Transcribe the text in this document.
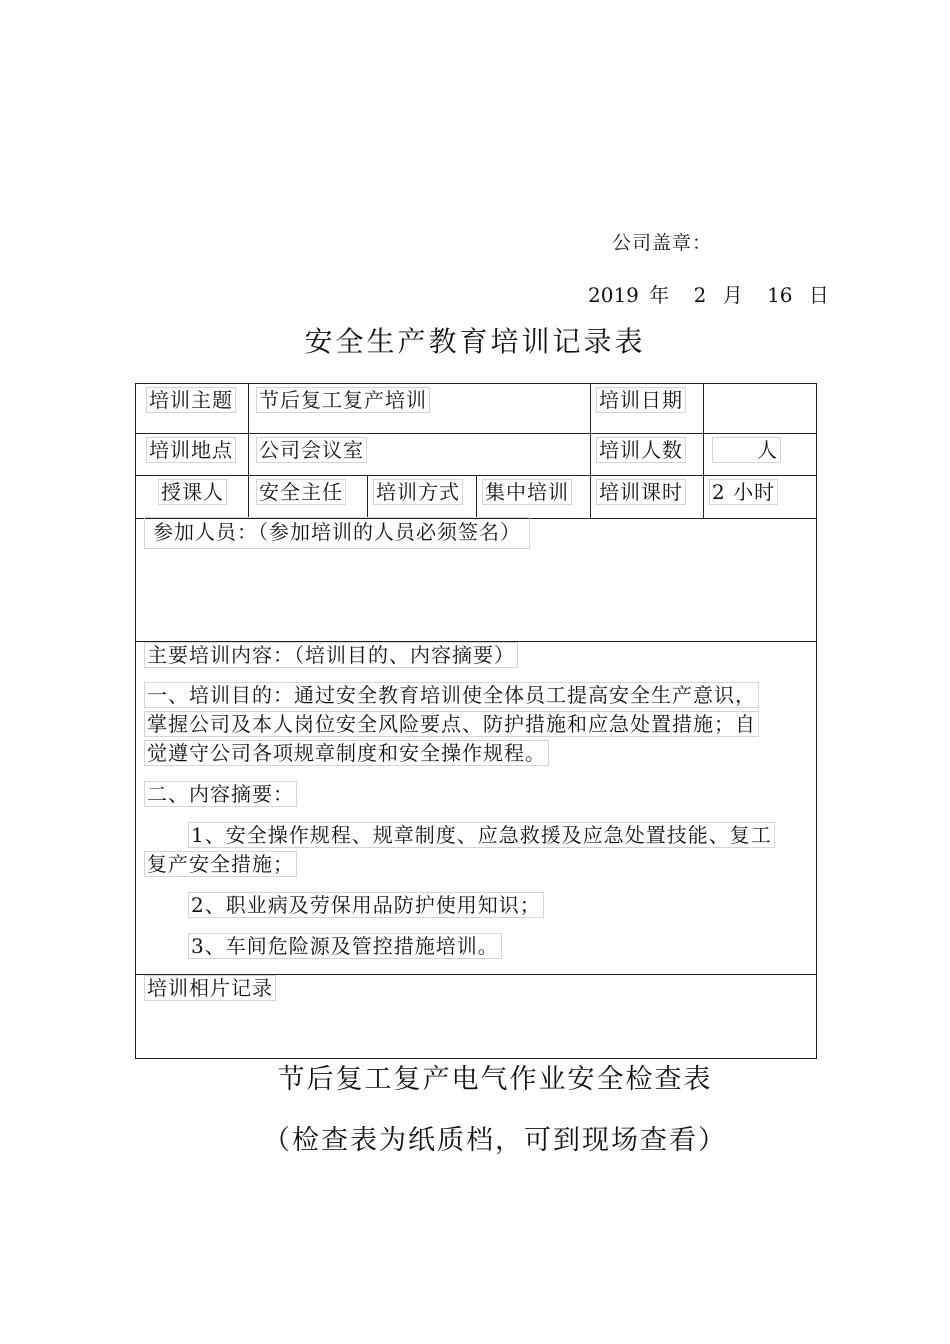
公司盖章：
2019 年 2 月 16 日
安全生产教育培训记录表
培训主题 节后复工复产培训	培训日期
培训地点 公司会议室	培训人数	人
授课人 安全主任 培训方式 集中培训 培训课时 2 小时
参加人员：（参加培训的人员必须签名）
主要培训内容：（培训目的、内容摘要）
一、培训目的：通过安全教育培训使全体员工提高安全生产意识，
掌握公司及本人岗位安全风险要点、防护措施和应急处置措施；自
觉遵守公司各项规章制度和安全操作规程。
二、内容摘要：
1、安全操作规程、规章制度、应急救援及应急处置技能、复工
复产安全措施；
2、职业病及劳保用品防护使用知识；
3、车间危险源及管控措施培训。
培训相片记录
节后复工复产电气作业安全检查表
（检查表为纸质档，可到现场查看）
